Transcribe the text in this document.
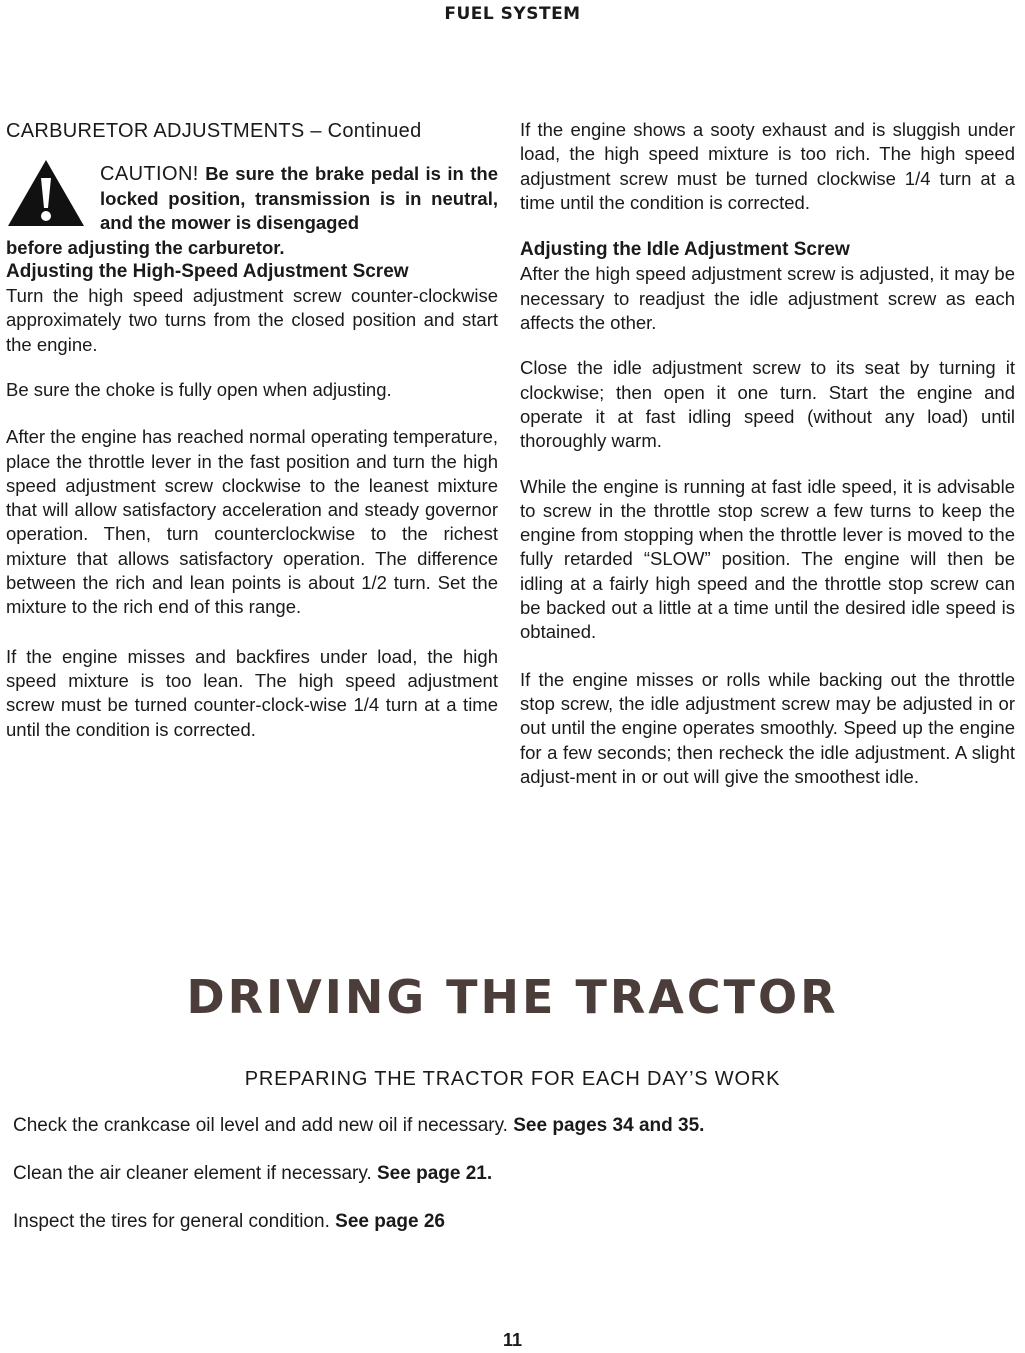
FUEL SYSTEM
CARBURETOR ADJUSTMENTS – Continued
CAUTION! Be sure the brake pedal is in the locked position, transmission is in neutral, and the mower is disengaged

before adjusting the carburetor.

Adjusting the High-Speed Adjustment Screw

Turn the high speed adjustment screw counter-clockwise approximately two turns from the closed position and start the engine.

Be sure the choke is fully open when adjusting.

After the engine has reached normal operating temperature, place the throttle lever in the fast position and turn the high speed adjustment screw clockwise to the leanest mixture that will allow satisfactory acceleration and steady governor operation. Then, turn counterclockwise to the richest mixture that allows satisfactory operation. The difference between the rich and lean points is about 1/2 turn. Set the mixture to the rich end of this range.

If the engine misses and backfires under load, the high speed mixture is too lean. The high speed adjustment screw must be turned counter-clock-wise 1/4 turn at a time until the condition is corrected.

If the engine shows a sooty exhaust and is sluggish under load, the high speed mixture is too rich. The high speed adjustment screw must be turned clockwise 1/4 turn at a time until the condition is corrected.

Adjusting the Idle Adjustment Screw

After the high speed adjustment screw is adjusted, it may be necessary to readjust the idle adjustment screw as each affects the other.

Close the idle adjustment screw to its seat by turning it clockwise; then open it one turn. Start the engine and operate it at fast idling speed (without any load) until thoroughly warm.

While the engine is running at fast idle speed, it is advisable to screw in the throttle stop screw a few turns to keep the engine from stopping when the throttle lever is moved to the fully retarded “SLOW” position. The engine will then be idling at a fairly high speed and the throttle stop screw can be backed out a little at a time until the desired idle speed is obtained.

If the engine misses or rolls while backing out the throttle stop screw, the idle adjustment screw may be adjusted in or out until the engine operates smoothly. Speed up the engine for a few seconds; then recheck the idle adjustment. A slight adjust-ment in or out will give the smoothest idle.

DRIVING THE TRACTOR
PREPARING THE TRACTOR FOR EACH DAY’S WORK

Check the crankcase oil level and add new oil if necessary. See pages 34 and 35.

Clean the air cleaner element if necessary. See page 21.

Inspect the tires for general condition. See page 26

11
